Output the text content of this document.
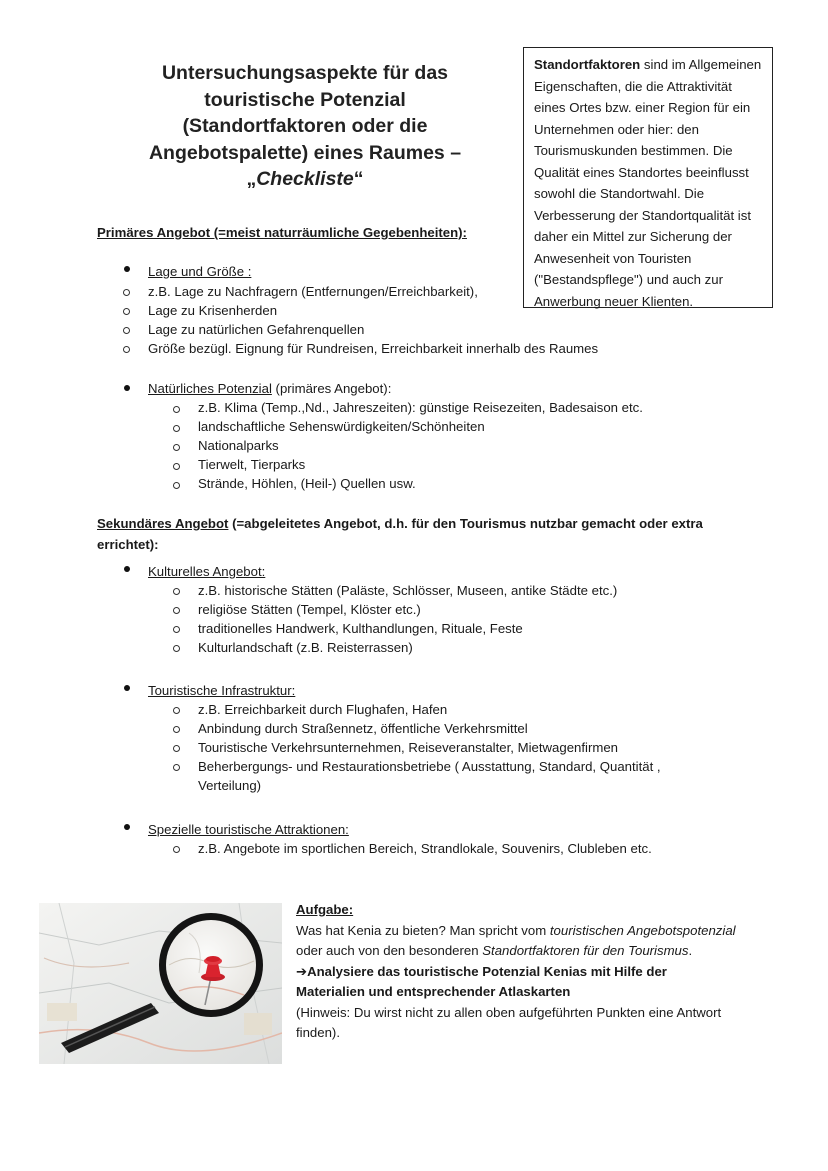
Untersuchungsaspekte für das
touristische Potenzial
(Standortfaktoren oder die
Angebotspalette) eines Raumes –
„Checkliste“
Standortfaktoren sind im Allgemeinen Eigenschaften, die die Attraktivität eines Ortes bzw. einer Region für ein Unternehmen oder hier: den Tourismuskunden bestimmen. Die Qualität eines Standortes beeinflusst sowohl die Standortwahl. Die Verbesserung der Standortqualität ist daher ein Mittel zur Sicherung der Anwesenheit von Touristen ("Bestandspflege") und auch zur Anwerbung neuer Klienten.
Primäres Angebot (=meist naturräumliche Gegebenheiten):
Lage und Größe :
z.B. Lage zu Nachfragern (Entfernungen/Erreichbarkeit),
Lage zu Krisenherden
Lage zu natürlichen Gefahrenquellen
Größe bezügl. Eignung für Rundreisen, Erreichbarkeit innerhalb des Raumes
Natürliches Potenzial (primäres Angebot):
z.B. Klima (Temp.,Nd., Jahreszeiten): günstige Reisezeiten, Badesaison etc.
landschaftliche Sehenswürdigkeiten/Schönheiten
Nationalparks
Tierwelt, Tierparks
Strände, Höhlen, (Heil-) Quellen usw.
Sekundäres Angebot (=abgeleitetes Angebot, d.h. für den Tourismus nutzbar gemacht oder extra
errichtet):
Kulturelles Angebot:
z.B. historische Stätten (Paläste, Schlösser, Museen, antike Städte etc.)
religiöse Stätten (Tempel, Klöster etc.)
traditionelles Handwerk, Kulthandlungen, Rituale, Feste
Kulturlandschaft (z.B. Reisterrassen)
Touristische Infrastruktur:
z.B. Erreichbarkeit durch Flughafen, Hafen
Anbindung durch Straßennetz, öffentliche Verkehrsmittel
Touristische Verkehrsunternehmen, Reiseveranstalter, Mietwagenfirmen
Beherbergungs- und Restaurationsbetriebe ( Ausstattung, Standard, Quantität ,
Verteilung)
Spezielle touristische Attraktionen:
z.B. Angebote im sportlichen Bereich, Strandlokale, Souvenirs, Clubleben etc.
Aufgabe:
Was hat Kenia zu bieten? Man spricht vom touristischen Angebotspotenzial oder auch von den besonderen Standortfaktoren für den Tourismus.
➔Analysiere das touristische Potenzial Kenias mit Hilfe der Materialien und entsprechender Atlaskarten
(Hinweis: Du wirst nicht zu allen oben aufgeführten Punkten eine Antwort finden).
